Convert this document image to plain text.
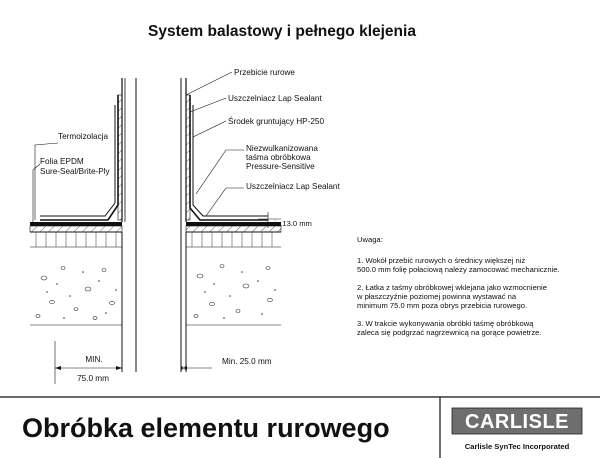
System balastowy i pełnego klejenia
Termoizolacja
Folia EPDM
Sure-Seal/Brite-Ply
MIN.
75.0 mm
Przebicie rurowe
Uszczelniacz Lap Sealant
Środek gruntujący HP-250
Niezwulkanizowana
taśma obróbkowa
Pressure-Sensitive
Uszczelniacz Lap Sealant
min.13.0 mm
Min. 25.0 mm
Uwaga:
1. Wokół przebić rurowych o średnicy większej niż
500.0 mm folię połaciową należy zamocować mechanicznie.
2. Łatka z taśmy obróbkowej wklejana jako wzmocnienie
w płaszczyźnie poziomej powinna wystawać na
minimum 75.0 mm poza obrys przebicia rurowego.
3. W trakcie wykonywania obróbki taśmę obróbkową
zaleca się podgrzać nagrzewnicą na gorące powietrze.
Obróbka elementu rurowego	CARLISLE
Carlisle SynTec Incorporated
